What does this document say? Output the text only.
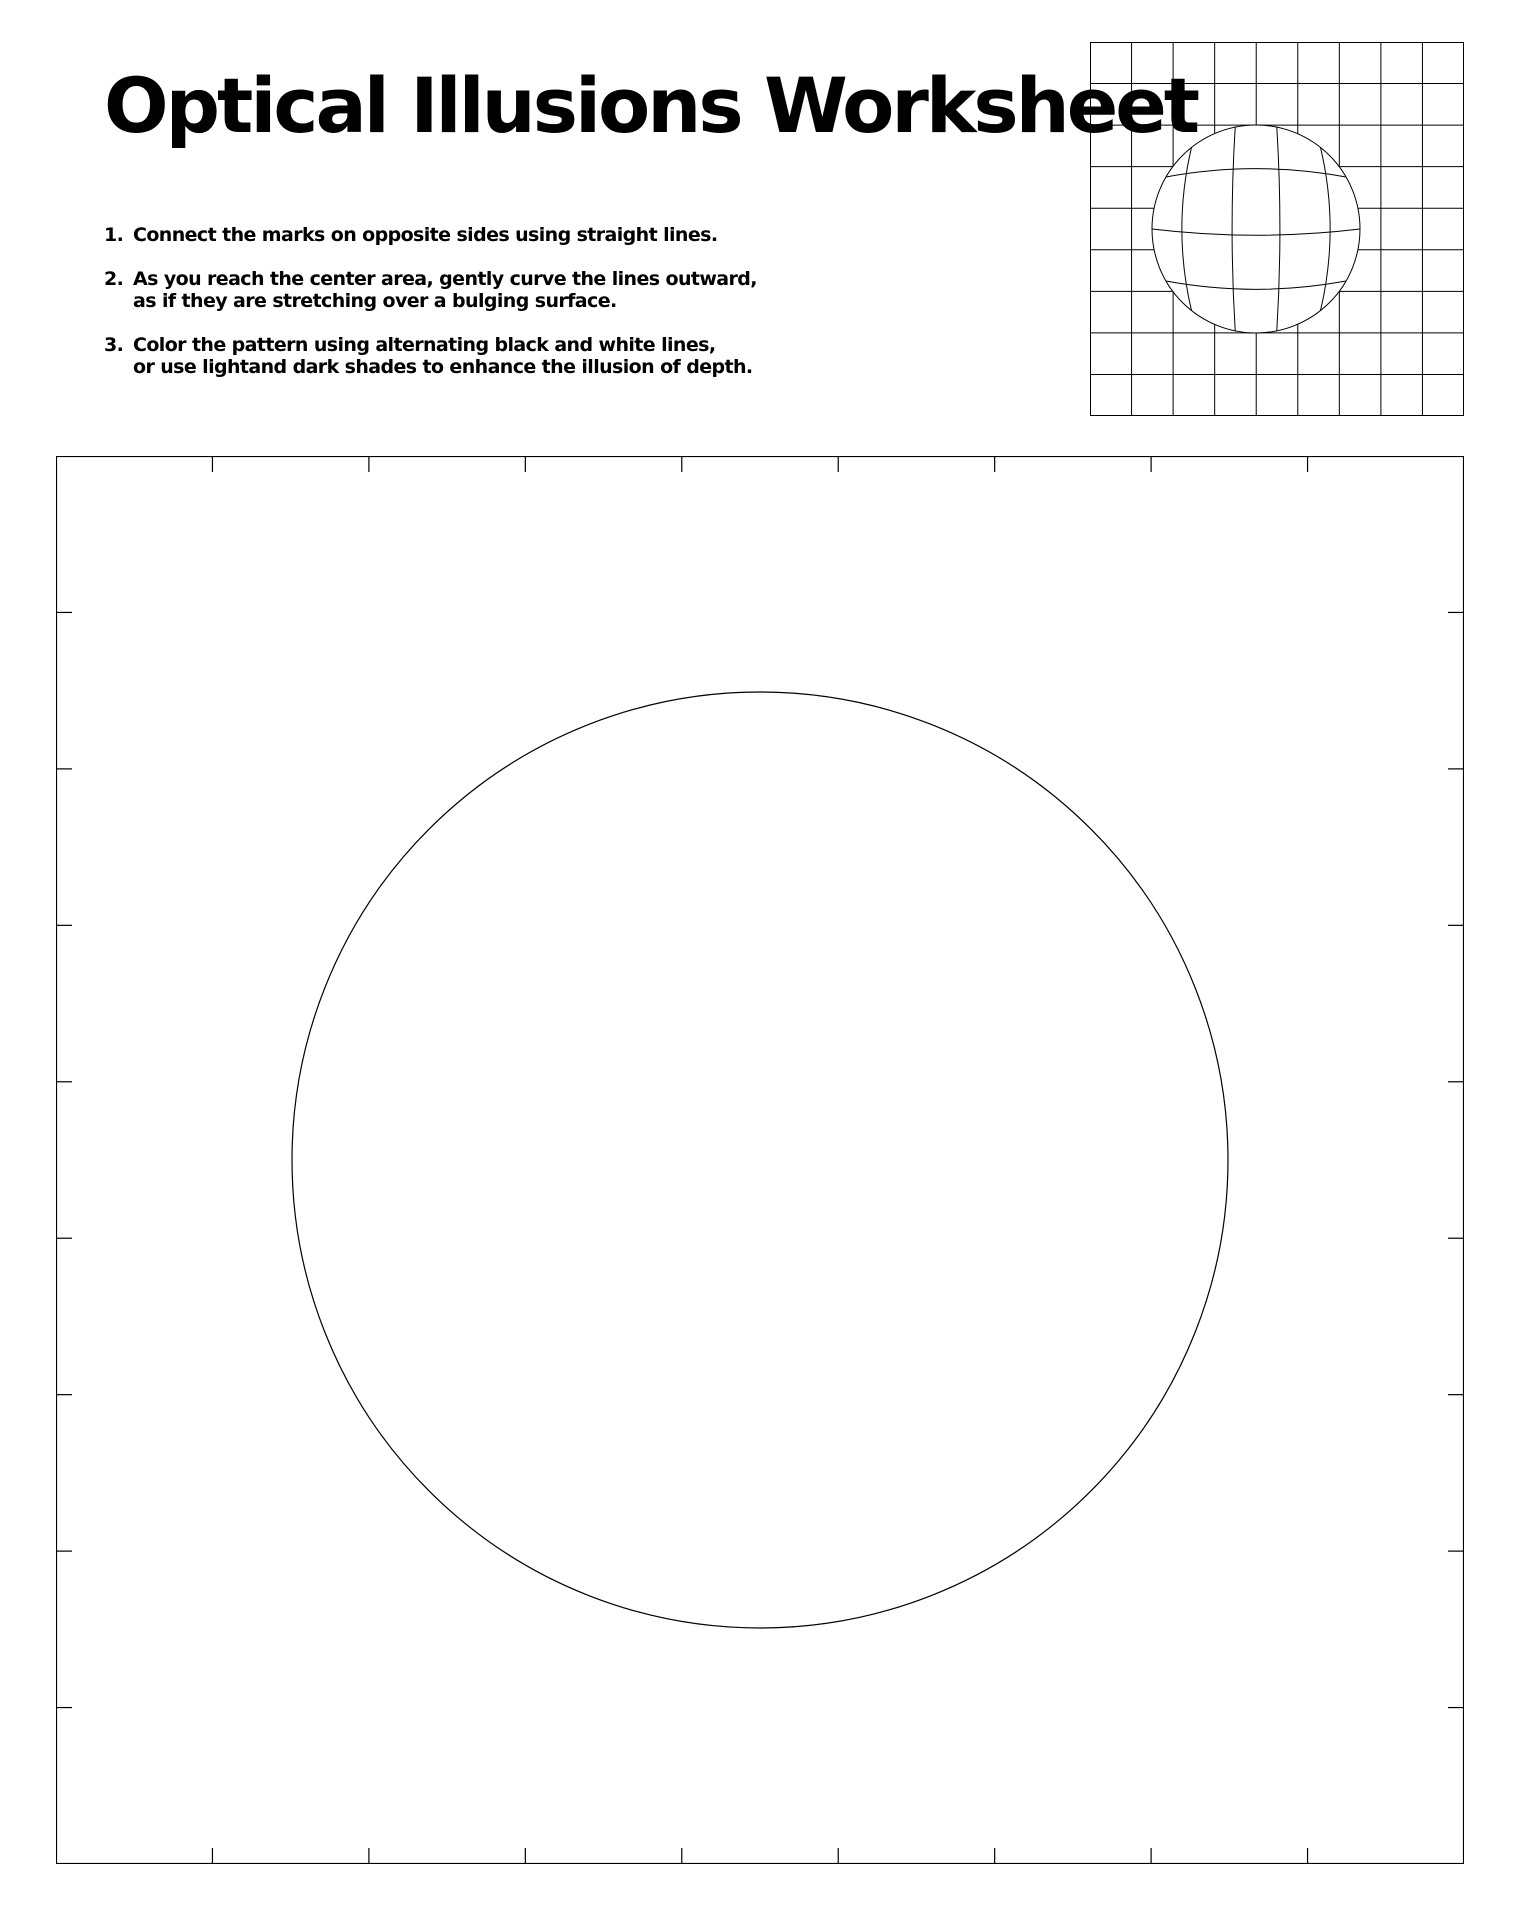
Optical Illusions Worksheet
1. Connect the marks on opposite sides using straight lines.
2. As you reach the center area, gently curve the lines outward,
as if they are stretching over a bulging surface.
3. Color the pattern using alternating black and white lines,
or use lightand dark shades to enhance the illusion of depth.
